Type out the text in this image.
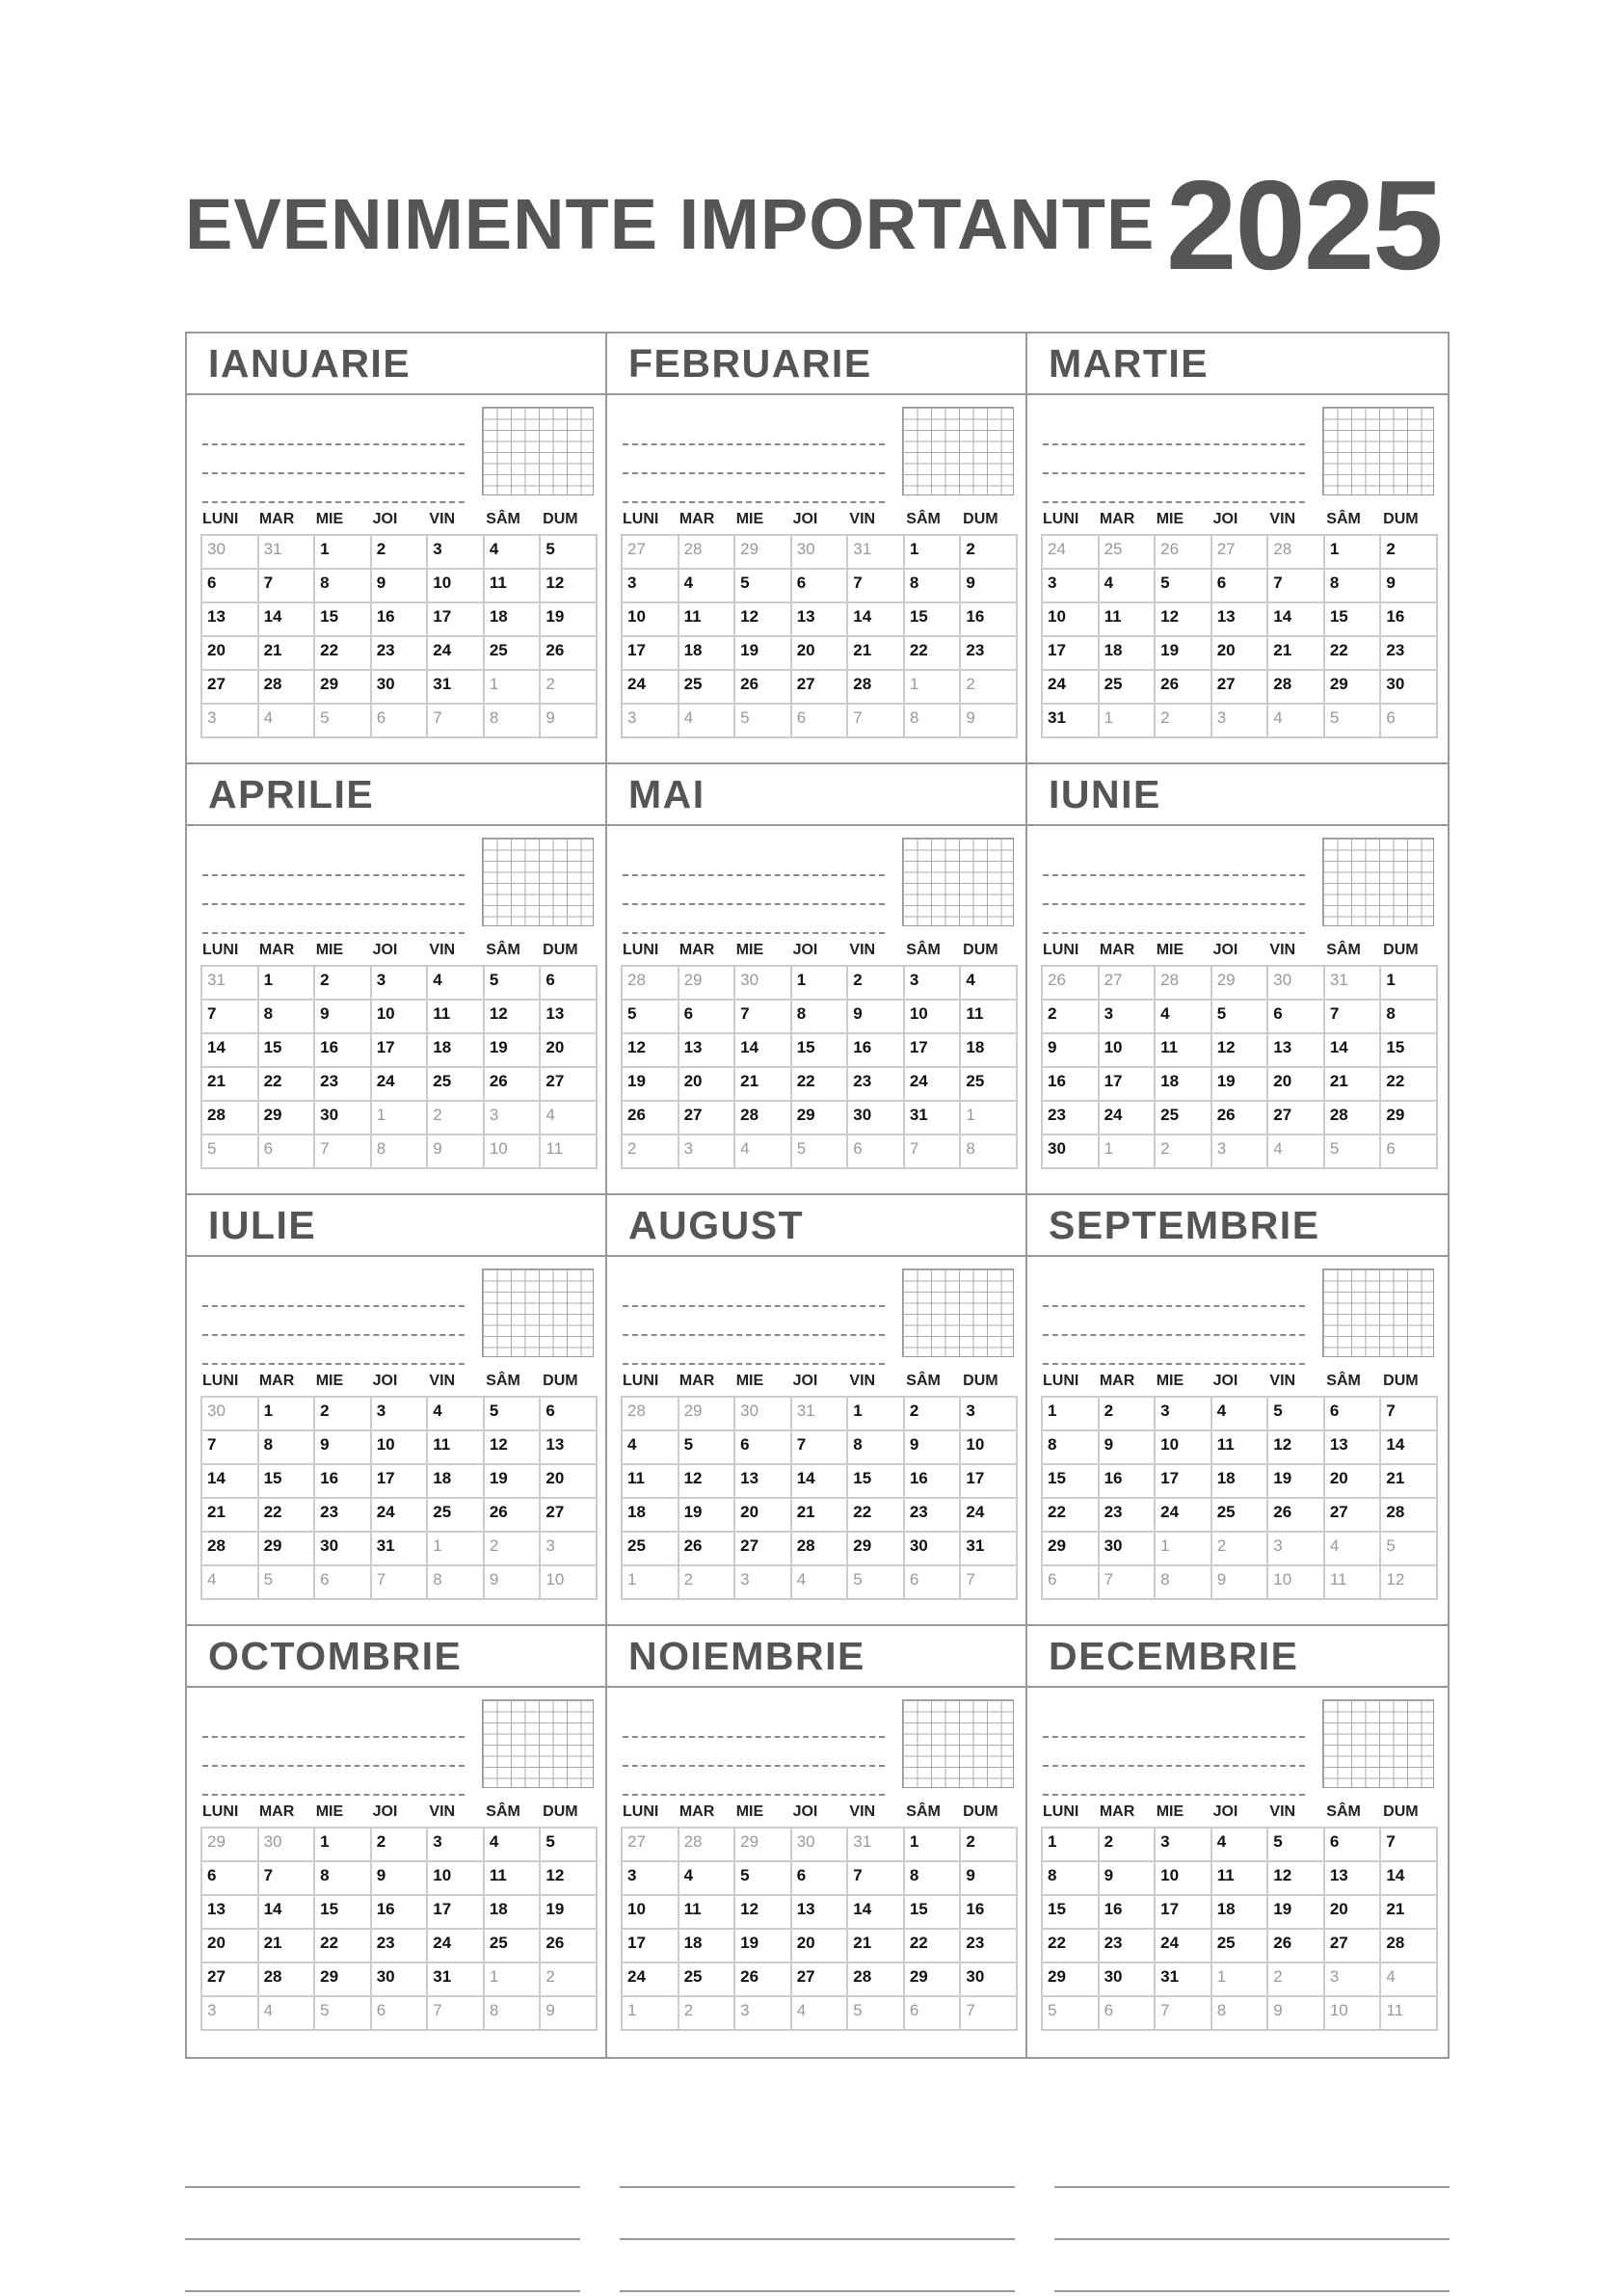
EVENIMENTE IMPORTANTE 2025
IANUARIE
LUNI	MAR	MIE	JOI	VIN	SÂM	DUM
30	31	1	2	3	4	5
6	7	8	9	10	11	12
13	14	15	16	17	18	19
20	21	22	23	24	25	26
27	28	29	30	31	1	2
3	4	5	6	7	8	9
FEBRUARIE
LUNI	MAR	MIE	JOI	VIN	SÂM	DUM
27	28	29	30	31	1	2
3	4	5	6	7	8	9
10	11	12	13	14	15	16
17	18	19	20	21	22	23
24	25	26	27	28	1	2
3	4	5	6	7	8	9
MARTIE
LUNI	MAR	MIE	JOI	VIN	SÂM	DUM
24	25	26	27	28	1	2
3	4	5	6	7	8	9
10	11	12	13	14	15	16
17	18	19	20	21	22	23
24	25	26	27	28	29	30
31	1	2	3	4	5	6
APRILIE
LUNI	MAR	MIE	JOI	VIN	SÂM	DUM
31	1	2	3	4	5	6
7	8	9	10	11	12	13
14	15	16	17	18	19	20
21	22	23	24	25	26	27
28	29	30	1	2	3	4
5	6	7	8	9	10	11
MAI
LUNI	MAR	MIE	JOI	VIN	SÂM	DUM
28	29	30	1	2	3	4
5	6	7	8	9	10	11
12	13	14	15	16	17	18
19	20	21	22	23	24	25
26	27	28	29	30	31	1
2	3	4	5	6	7	8
IUNIE
LUNI	MAR	MIE	JOI	VIN	SÂM	DUM
26	27	28	29	30	31	1
2	3	4	5	6	7	8
9	10	11	12	13	14	15
16	17	18	19	20	21	22
23	24	25	26	27	28	29
30	1	2	3	4	5	6
IULIE
LUNI	MAR	MIE	JOI	VIN	SÂM	DUM
30	1	2	3	4	5	6
7	8	9	10	11	12	13
14	15	16	17	18	19	20
21	22	23	24	25	26	27
28	29	30	31	1	2	3
4	5	6	7	8	9	10
AUGUST
LUNI	MAR	MIE	JOI	VIN	SÂM	DUM
28	29	30	31	1	2	3
4	5	6	7	8	9	10
11	12	13	14	15	16	17
18	19	20	21	22	23	24
25	26	27	28	29	30	31
1	2	3	4	5	6	7
SEPTEMBRIE
LUNI	MAR	MIE	JOI	VIN	SÂM	DUM
1	2	3	4	5	6	7
8	9	10	11	12	13	14
15	16	17	18	19	20	21
22	23	24	25	26	27	28
29	30	1	2	3	4	5
6	7	8	9	10	11	12
OCTOMBRIE
LUNI	MAR	MIE	JOI	VIN	SÂM	DUM
29	30	1	2	3	4	5
6	7	8	9	10	11	12
13	14	15	16	17	18	19
20	21	22	23	24	25	26
27	28	29	30	31	1	2
3	4	5	6	7	8	9
NOIEMBRIE
LUNI	MAR	MIE	JOI	VIN	SÂM	DUM
27	28	29	30	31	1	2
3	4	5	6	7	8	9
10	11	12	13	14	15	16
17	18	19	20	21	22	23
24	25	26	27	28	29	30
1	2	3	4	5	6	7
DECEMBRIE
LUNI	MAR	MIE	JOI	VIN	SÂM	DUM
1	2	3	4	5	6	7
8	9	10	11	12	13	14
15	16	17	18	19	20	21
22	23	24	25	26	27	28
29	30	31	1	2	3	4
5	6	7	8	9	10	11
